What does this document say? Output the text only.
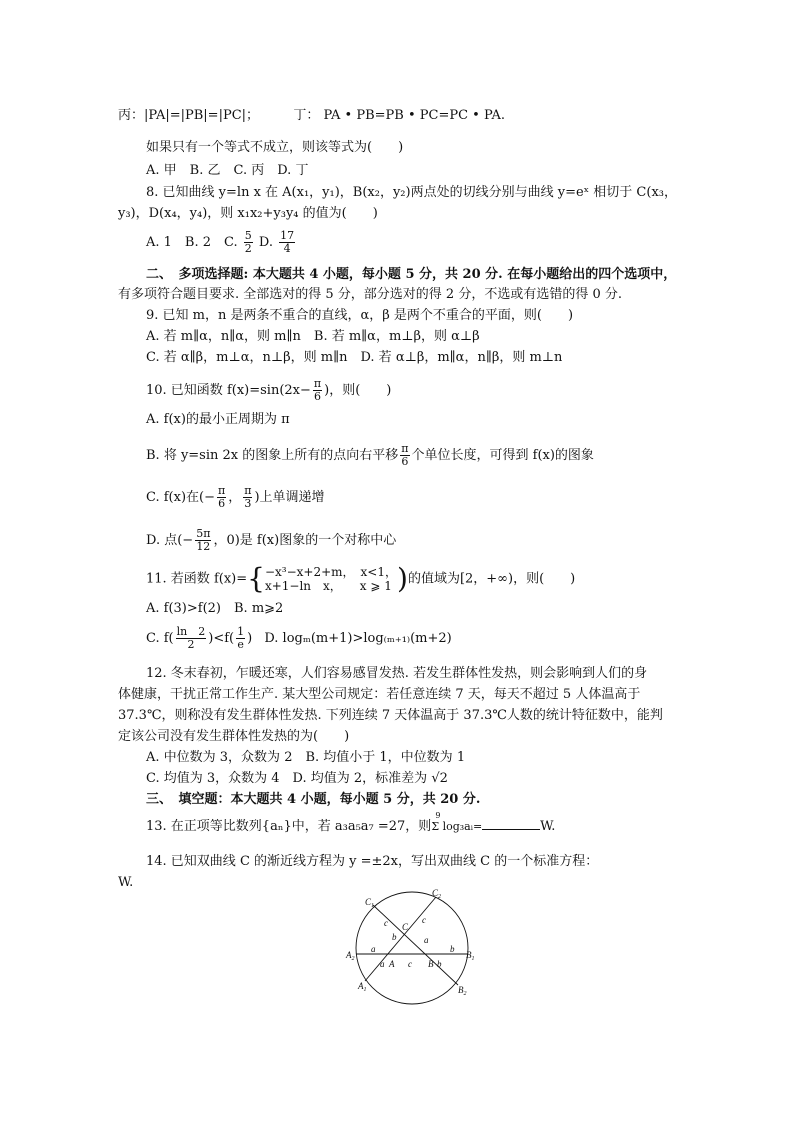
丙：|PA|=|PB|=|PC|；	丁： PA • PB=PB • PC=PC • PA.
如果只有一个等式不成立，则该等式为(　　)
A. 甲　B. 乙　C. 丙　D. 丁
8. 已知曲线 y=ln x 在 A(x₁，y₁)，B(x₂，y₂)两点处的切线分别与曲线 y=eˣ 相切于 C(x₃，
y₃)，D(x₄，y₄)，则 x₁x₂+y₃y₄ 的值为(　　)
A. 1　B. 2　C. $\frac{5}{2} D$. $\frac{17}{4}$
二、　多项选择题: 本大题共 4 小题，每小题 5 分，共 20 分. 在每小题给出的四个选项中，
有多项符合题目要求. 全部选对的得 5 分，部分选对的得 2 分，不选或有选错的得 0 分.
9. 已知 m，n 是两条不重合的直线，α，β 是两个不重合的平面，则(　　)
A. 若 m∥α，n∥α，则 m∥n　B. 若 m∥α，m⊥β，则 α⊥β
C. 若 α∥β，m⊥α，n⊥β，则 m∥n　D. 若 α⊥β，m∥α，n∥β，则 m⊥n
10. 已知函数 $f(x)=\sin(2x- \frac{\pi}{6}$ )，则(　　)
A. f(x)的最小正周期为 π
B. 将 y=sin 2x 的图象上所有的点向右平移 $\frac{\pi}{6}$ 个单位长度，可得到 f(x)的图象
C. f(x)在(− $\frac{\pi}{6}$ ， $\frac{\pi}{3}$ )上单调递增
D. 点(− $\frac{5\pi}{12}$ ，0)是 f(x)图象的一个对称中心
11. 若函数 f(x)={ −x³−x+2+m，　x<1，
x+1−ln　x，　　x ⩾ 1 )的值域为[2，+∞)，则(　　)
A. f(3)>f(2)　B. m⩾2
C. $f( \frac{\ln 2}{2} )<f( \frac{1}{e}$ ) D. logₘ(m+1)>log₍ₘ₊₁₎(m+2)
12. 冬末春初，乍暖还寒，人们容易感冒发热. 若发生群体性发热，则会影响到人们的身
体健康，干扰正常工作生产. 某大型公司规定：若任意连续 7 天，每天不超过 5 人体温高于
37.3℃，则称没有发生群体性发热. 下列连续 7 天体温高于 37.3℃人数的统计特征数中，能判
定该公司没有发生群体性发热的为(　　)
A. 中位数为 3，众数为 2　B. 均值小于 1，中位数为 1
C. 均值为 3，众数为 4　D. 均值为 2，标准差为 √2
三、　填空题：本大题共 4 小题，每小题 5 分，共 20 分.
13. 在正项等比数列{aₙ}中，若 a₃a₅a₇ =27，则
9
Σ log₃aᵢ=	W.
14. 已知双曲线 C 的渐近线方程为 y =±2x，写出双曲线 C 的一个标准方程：
W.
$C_1$
$C_2$
C
$A_2$	A	B
$B_1$
$A_1$	$B_2$
c
b
a
a	c
a
b
b
c
